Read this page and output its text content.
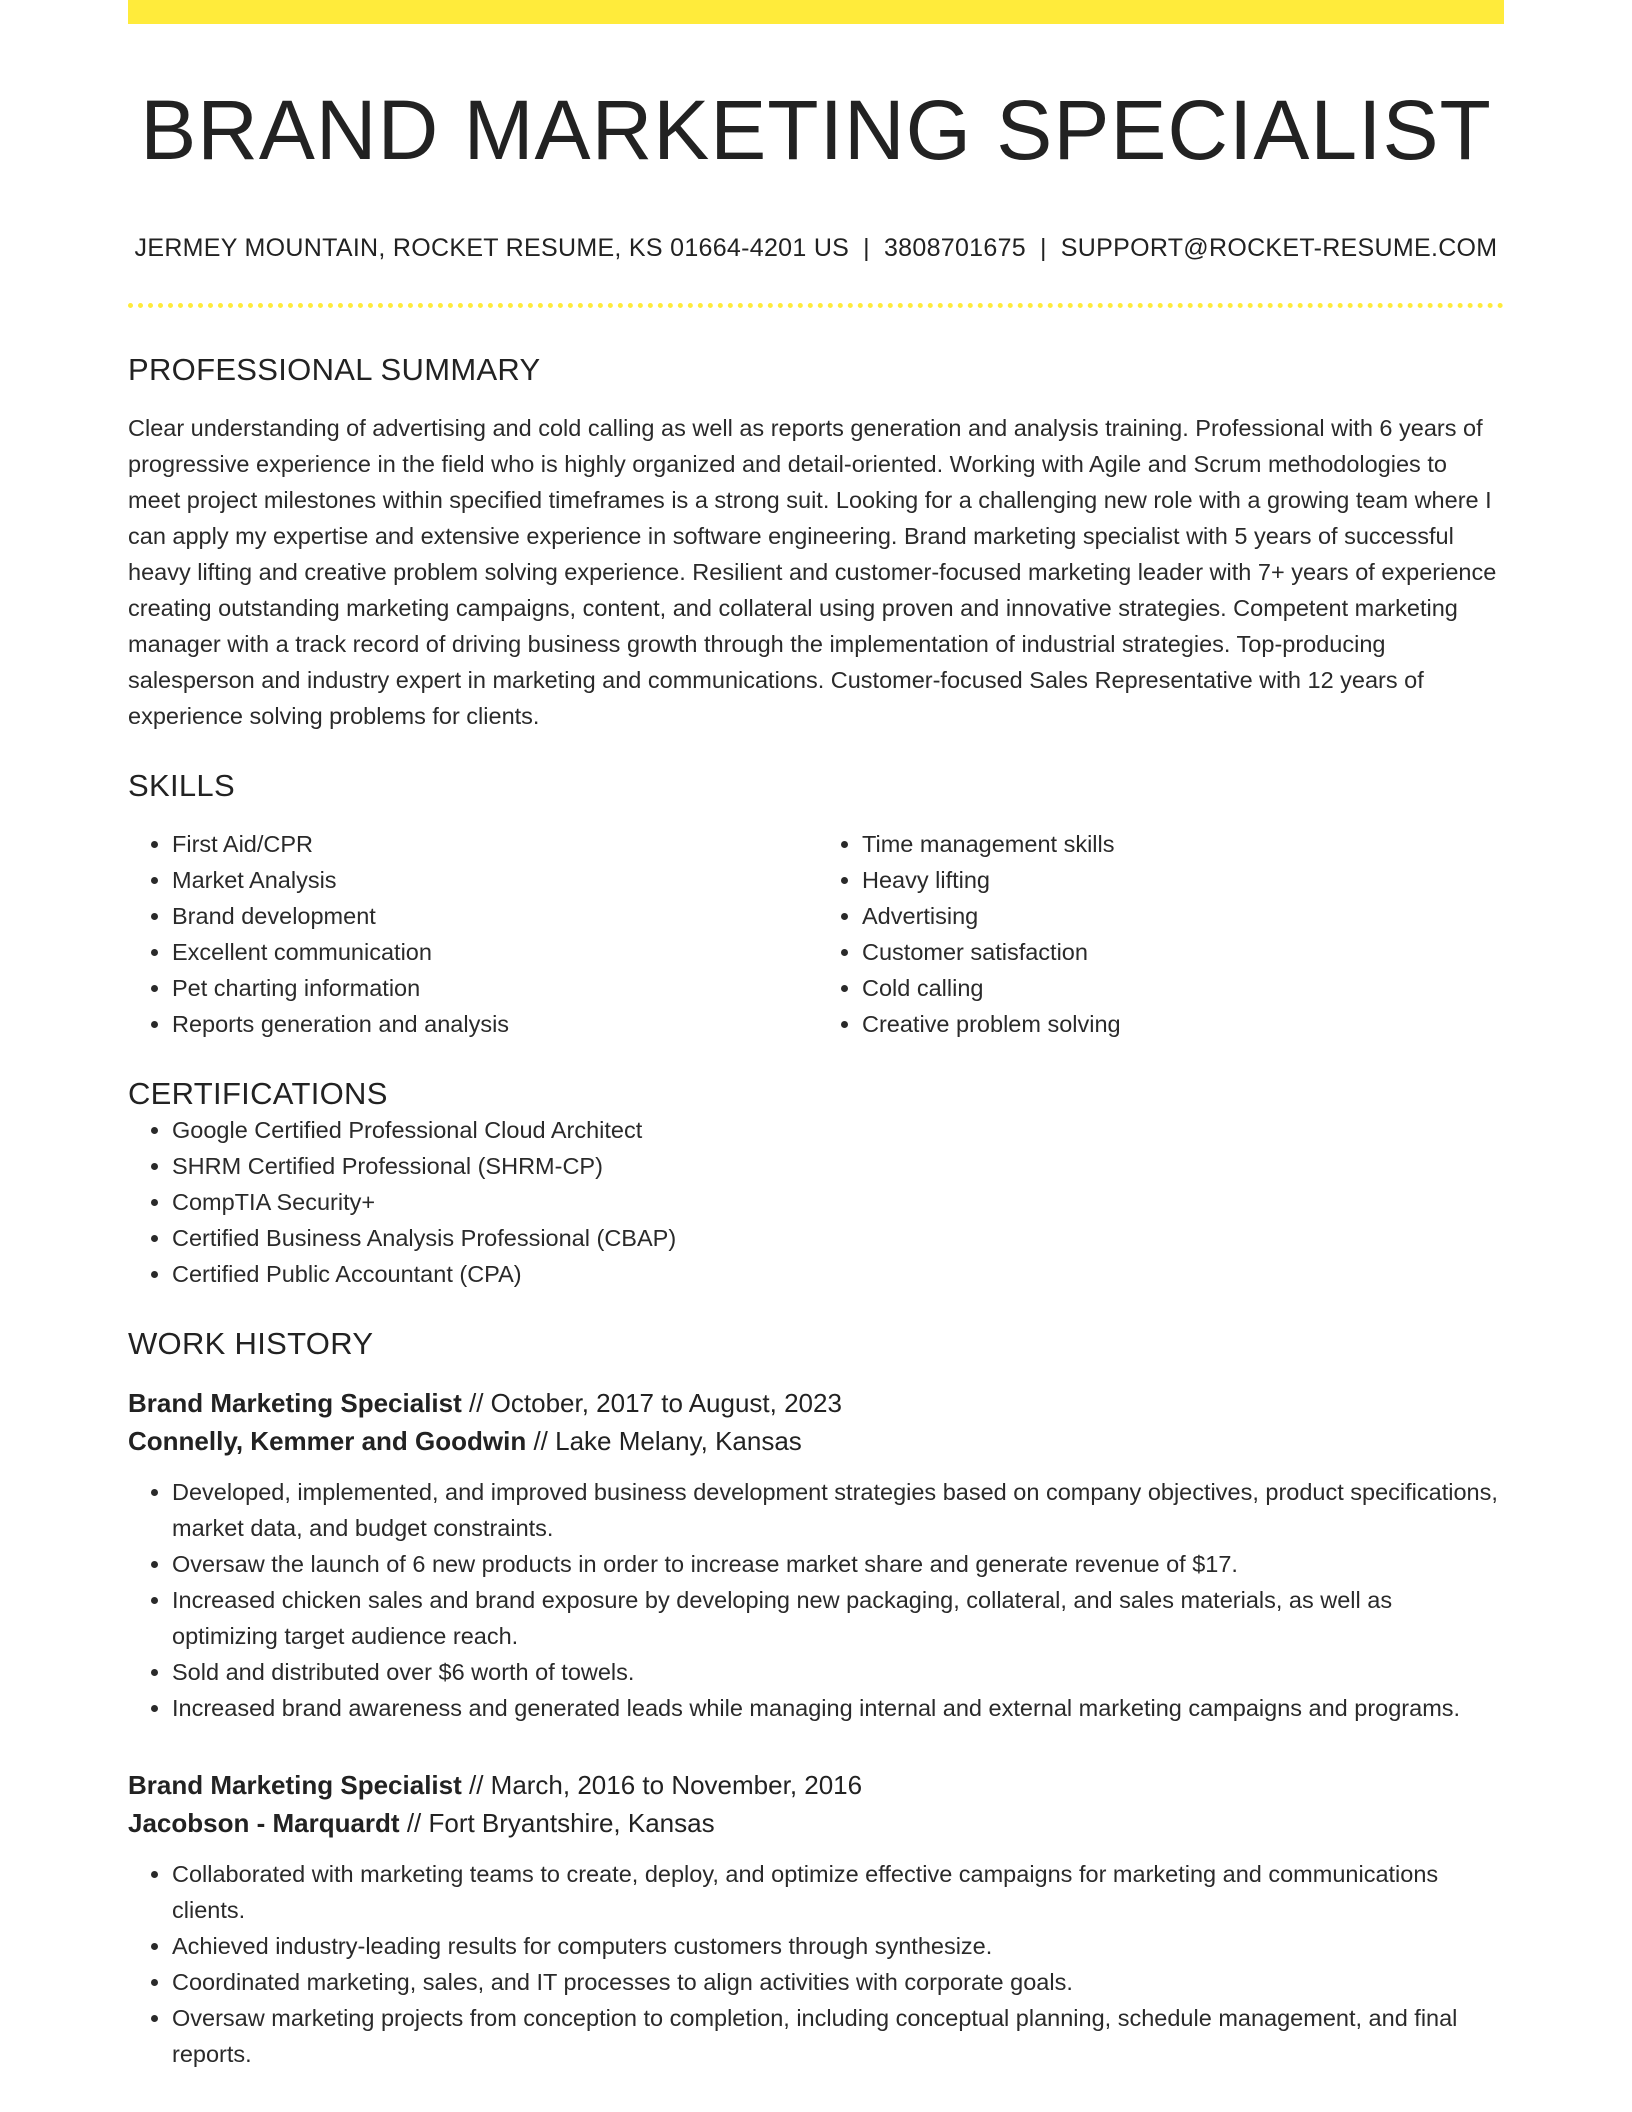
BRAND MARKETING SPECIALIST
JERMEY MOUNTAIN, ROCKET RESUME, KS 01664-4201 US | 3808701675 | SUPPORT@ROCKET-RESUME.COM
PROFESSIONAL SUMMARY

Clear understanding of advertising and cold calling as well as reports generation and analysis training. Professional with 6 years of progressive experience in the field who is highly organized and detail-oriented. Working with Agile and Scrum methodologies to meet project milestones within specified timeframes is a strong suit. Looking for a challenging new role with a growing team where I can apply my expertise and extensive experience in software engineering. Brand marketing specialist with 5 years of successful heavy lifting and creative problem solving experience. Resilient and customer-focused marketing leader with 7+ years of experience creating outstanding marketing campaigns, content, and collateral using proven and innovative strategies. Competent marketing manager with a track record of driving business growth through the implementation of industrial strategies. Top-producing salesperson and industry expert in marketing and communications. Customer-focused Sales Representative with 12 years of experience solving problems for clients.

SKILLS
• First Aid/CPR
• Market Analysis
• Brand development
• Excellent communication
• Pet charting information
• Reports generation and analysis
• Time management skills
• Heavy lifting
• Advertising
• Customer satisfaction
• Cold calling
• Creative problem solving
CERTIFICATIONS
• Google Certified Professional Cloud Architect
• SHRM Certified Professional (SHRM-CP)
• CompTIA Security+
• Certified Business Analysis Professional (CBAP)
• Certified Public Accountant (CPA)
WORK HISTORY
Brand Marketing Specialist // October, 2017 to August, 2023
Connelly, Kemmer and Goodwin // Lake Melany, Kansas
• Developed, implemented, and improved business development strategies based on company objectives, product specifications, market data, and budget constraints.
• Oversaw the launch of 6 new products in order to increase market share and generate revenue of $17.
• Increased chicken sales and brand exposure by developing new packaging, collateral, and sales materials, as well as optimizing target audience reach.
• Sold and distributed over $6 worth of towels.
• Increased brand awareness and generated leads while managing internal and external marketing campaigns and programs.
Brand Marketing Specialist // March, 2016 to November, 2016
Jacobson - Marquardt // Fort Bryantshire, Kansas
• Collaborated with marketing teams to create, deploy, and optimize effective campaigns for marketing and communications clients.
• Achieved industry-leading results for computers customers through synthesize.
• Coordinated marketing, sales, and IT processes to align activities with corporate goals.
• Oversaw marketing projects from conception to completion, including conceptual planning, schedule management, and final reports.
